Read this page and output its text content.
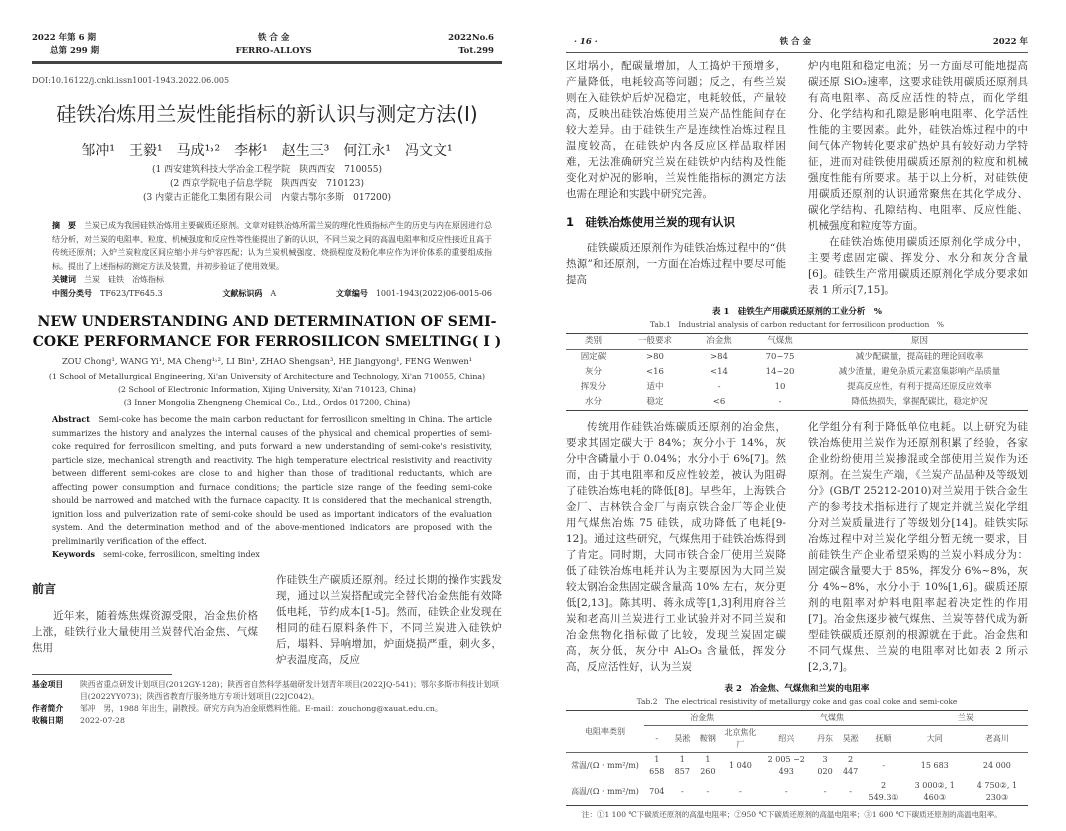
2022 年第 6 期
总第 299 期
铁 合 金
FERRO-ALLOYS
2022No.6
Tot.299
DOI:10.16122/j.cnki.issn1001-1943.2022.06.005
硅铁冶炼用兰炭性能指标的新认识与测定方法(Ⅰ)
邹冲¹　 王毅¹　 马成¹˒²　 李彬¹　 赵生三³　 何江永¹　 冯文文¹
(1 西安建筑科技大学冶金工程学院　陕西西安　710055)
(2 西京学院电子信息学院　陕西西安　710123)
(3 内蒙古正能化工集团有限公司　内蒙古鄂尔多斯　017200)
摘　要　 兰炭已成为我国硅铁冶炼用主要碳质还原剂。文章对硅铁冶炼所需兰炭的理化性质指标产生的历史与内在原因进行总结分析，对兰炭的电阻率、粒度、机械强度和反应性等性能提出了新的认识，不同兰炭之间的高温电阻率和反应性接近且高于传统还原剂；入炉兰炭粒度区间应缩小并与炉容匹配；认为兰炭机械强度、烧损程度及粉化率应作为评价体系的重要组成指标。提出了上述指标的测定方法及装置，并初步验证了使用效果。
关键词　 兰炭　硅铁　冶炼指标
中图分类号　 TF623/TF645.3	文献标识码　 A	文章编号　 1001-1943(2022)06-0015-06
NEW UNDERSTANDING AND DETERMINATION OF SEMI-COKE PERFORMANCE FOR FERROSILICON SMELTING( Ⅰ )
ZOU Chong¹, WANG Yi¹, MA Cheng¹˒², LI Bin¹, ZHAO Shengsan³, HE Jiangyong¹, FENG Wenwen¹
(1 School of Metallurgical Engineering, Xi'an University of Architecture and Technology, Xi'an 710055, China)
(2 School of Electronic Information, Xijing University, Xi'an 710123, China)
(3 Inner Mongolia Zhengneng Chemical Co., Ltd., Ordos 017200, China)
Abstract　 Semi-coke has become the main carbon reductant for ferrosilicon smelting in China. The article summarizes the history and analyzes the internal causes of the physical and chemical properties of semi-coke required for ferrosilicon smelting, and puts forward a new understanding of semi-coke's resistivity, particle size, mechanical strength and reactivity. The high temperature electrical resistivity and reactivity between different semi-cokes are close to and higher than those of traditional reductants, which are affecting power consumption and furnace conditions; the particle size range of the feeding semi-coke should be narrowed and matched with the furnace capacity. It is considered that the mechanical strength, ignition loss and pulverization rate of semi-coke should be used as important indicators of the evaluation system. And the determination method and of the above-mentioned indicators are proposed with the preliminarily verification of the effect.
Keywords　 semi-coke, ferrosilicon, smelting index
前言
近年来，随着炼焦煤资源受限，冶金焦价格上涨，硅铁行业大量使用兰炭替代冶金焦、气煤焦用
作硅铁生产碳质还原剂。经过长期的操作实践发现，通过以兰炭搭配或完全替代冶金焦能有效降低电耗，节约成本[1-5]。然而，硅铁企业发现在相同的硅石原料条件下，不同兰炭进入硅铁炉后，塌料、异响增加，炉面烧损严重，刺火多，炉表温度高，反应
基金项目	陕西省重点研发计划项目(2012GY-128)；陕西省自然科学基础研发计划青年项目(2022JQ-541)；鄂尔多斯市科技计划项目(2022YY073)；陕西省教育厅服务地方专项计划项目(22JC042)。
作者简介	邹冲　男，1988 年出生，副教授。研究方向为冶金原燃料性能。E-mail：zouchong@xauat.edu.cn。
收稿日期	2022-07-28
· 16 ·	铁 合 金	2022 年
区坩埚小，配碳量增加，人工捣炉干预增多，产量降低，电耗较高等问题；反之，有些兰炭则在入硅铁炉后炉况稳定，电耗较低，产量较高，反映出硅铁冶炼使用兰炭产品性能间存在较大差异。由于硅铁生产是连续性冶炼过程且温度较高，在硅铁炉内各反应区样品取样困难，无法准确研究兰炭在硅铁炉内结构及性能变化对炉况的影响，兰炭性能指标的测定方法也需在理论和实践中研究完善。
1　硅铁冶炼使用兰炭的现有认识
硅铁碳质还原剂作为硅铁冶炼过程中的“供热源”和还原剂，一方面在冶炼过程中要尽可能提高
炉内电阻和稳定电流；另一方面尽可能地提高碳还原 SiO₂速率，这要求硅铁用碳质还原剂具有高电阻率、高反应活性的特点，而化学组分、化学结构和孔隙是影响电阻率、化学活性性能的主要因素。此外，硅铁冶炼过程中的中间气体产物转化要求矿热炉具有较好动力学特征，进而对硅铁使用碳质还原剂的粒度和机械强度性能有所要求。基于以上分析，对硅铁使用碳质还原剂的认识通常聚焦在其化学成分、碳化学结构、孔隙结构、电阻率、反应性能、机械强度和粒度等方面。
在硅铁冶炼使用碳质还原剂化学成分中，主要考虑固定碳、挥发分、水分和灰分含量[6]。硅铁生产常用碳质还原剂化学成分要求如表 1 所示[7,15]。
表 1　硅铁生产用碳质还原剂的工业分析　%
Tab.1　Industrial analysis of carbon reductant for ferrosilicon production　%
类别	一般要求	冶金焦	气煤焦	原因
固定碳	>80	>84	70~75	减少配碳量，提高硅的理论回收率
灰分	<16	<14	14~20	减少渣量，避免杂质元素富集影响产品质量
挥发分	适中	-	10	提高反应性，有利于提高还原反应效率
水分	稳定	<6	-	降低热损失，掌握配碳比，稳定炉况
传统用作硅铁冶炼碳质还原剂的冶金焦，要求其固定碳大于 84%；灰分小于 14%，灰分中含磷量小于 0.04%；水分小于 6%[7]。然而，由于其电阻率和反应性较差，被认为阻碍了硅铁冶炼电耗的降低[8]。早些年，上海铁合金厂、吉林铁合金厂与南京铁合金厂等企业使用气煤焦冶炼 75 硅铁，成功降低了电耗[9-12]。通过这些研究，气煤焦用于硅铁冶炼得到了肯定。同时期，大同市铁合金厂使用兰炭降低了硅铁冶炼电耗并认为主要原因为大同兰炭较太钢冶金焦固定碳含量高 10% 左右，灰分更低[2,13]。陈其明、蒋永成等[1,3]利用府谷兰炭和老高川兰炭进行工业试验并对不同兰炭和冶金焦物化指标做了比较，发现兰炭固定碳高，灰分低，灰分中 Al₂O₃ 含量低，挥发分高，反应活性好，认为兰炭
化学组分有利于降低单位电耗。以上研究为硅铁冶炼使用兰炭作为还原剂积累了经验，各家企业纷纷使用兰炭掺混或全部使用兰炭作为还原剂。在兰炭生产端，《兰炭产品品种及等级划分》(GB/T 25212-2010)对兰炭用于铁合金生产的参考技术指标进行了规定并就兰炭化学组分对兰炭质量进行了等级划分[14]。硅铁实际冶炼过程中对兰炭化学组分暂无统一要求，目前硅铁生产企业希望采购的兰炭小料成分为：固定碳含量要大于 85%，挥发分 6%~8%，灰分 4%~8%，水分小于 10%[1,6]。碳质还原剂的电阻率对炉料电阻率起着决定性的作用[7]。冶金焦逐步被气煤焦、兰炭等替代成为新型硅铁碳质还原剂的根源就在于此。冶金焦和不同气煤焦、兰炭的电阻率对比如表 2 所示[2,3,7]。
表 2　冶金焦、气煤焦和兰炭的电阻率
Tab.2　The electrical resistivity of metallurgy coke and gas coal coke and semi-coke
电阻率类别	冶金焦				气煤焦				兰炭	
	-	昊淞	鞍钢	北京焦化厂	绍兴	丹东	昊淞	抚顺	大同	老高川
常温/(Ω · mm²/m)	1 658	1 857	1 260	1 040	2 005 ~2 493	3 020	2 447	-	15 683	24 000
高温/(Ω · mm²/m)	704	-	-	-	-	-	-	2 549.3①	3 000②, 1 460③	4 750②, 1 230③
注：①1 100 ℃下碳质还原剂的高温电阻率；②950 ℃下碳质还原剂的高温电阻率；③1 600 ℃下碳质还原剂的高温电阻率。
